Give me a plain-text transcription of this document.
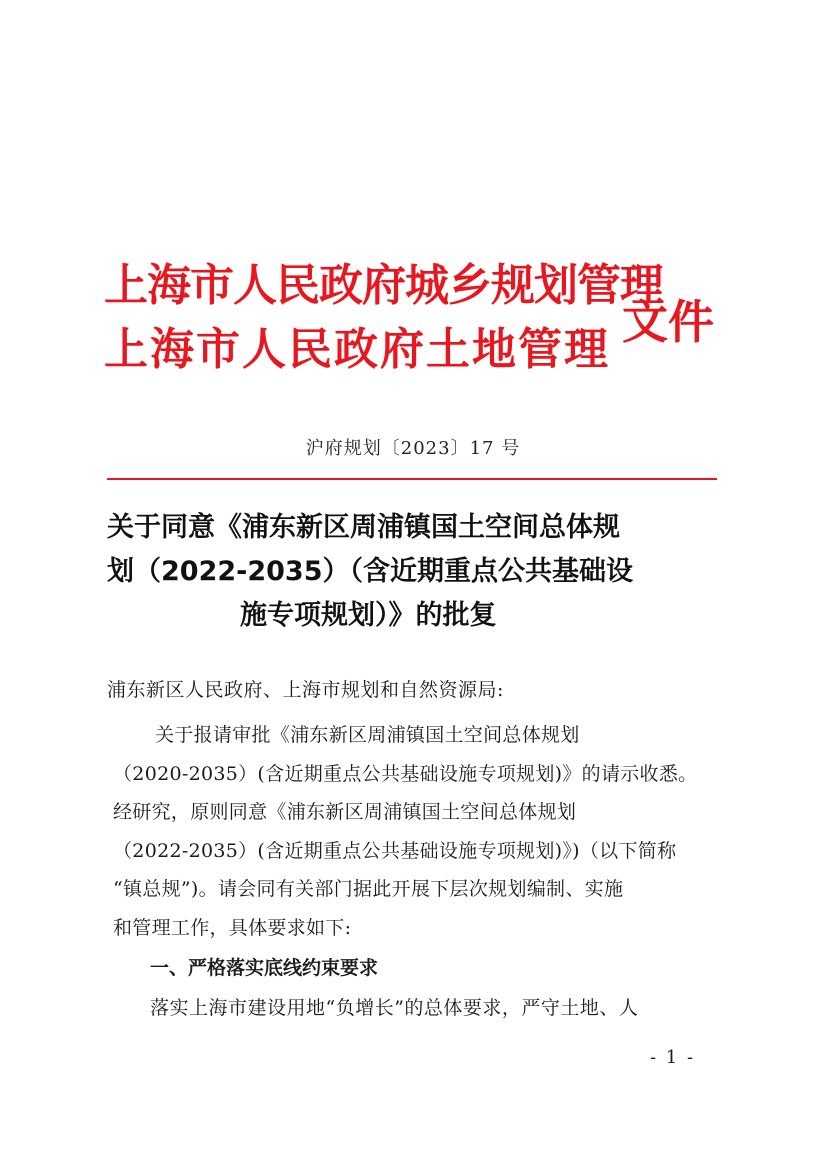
上海市人民政府城乡规划管理
上海市人民政府土地管理
文件
沪府规划〔2023〕17 号
关于同意《浦东新区周浦镇国土空间总体规
划（2022-2035）（含近期重点公共基础设
施专项规划）》的批复
浦东新区人民政府、上海市规划和自然资源局:
关于报请审批《浦东新区周浦镇国土空间总体规划
（2020-2035）(含近期重点公共基础设施专项规划)》的请示收悉。
经研究，原则同意《浦东新区周浦镇国土空间总体规划
（2022-2035）(含近期重点公共基础设施专项规划)》)（以下简称
“镇总规”)。请会同有关部门据此开展下层次规划编制、实施
和管理工作，具体要求如下:
一、严格落实底线约束要求
落实上海市建设用地“负增长”的总体要求，严守土地、人
- 1 -
